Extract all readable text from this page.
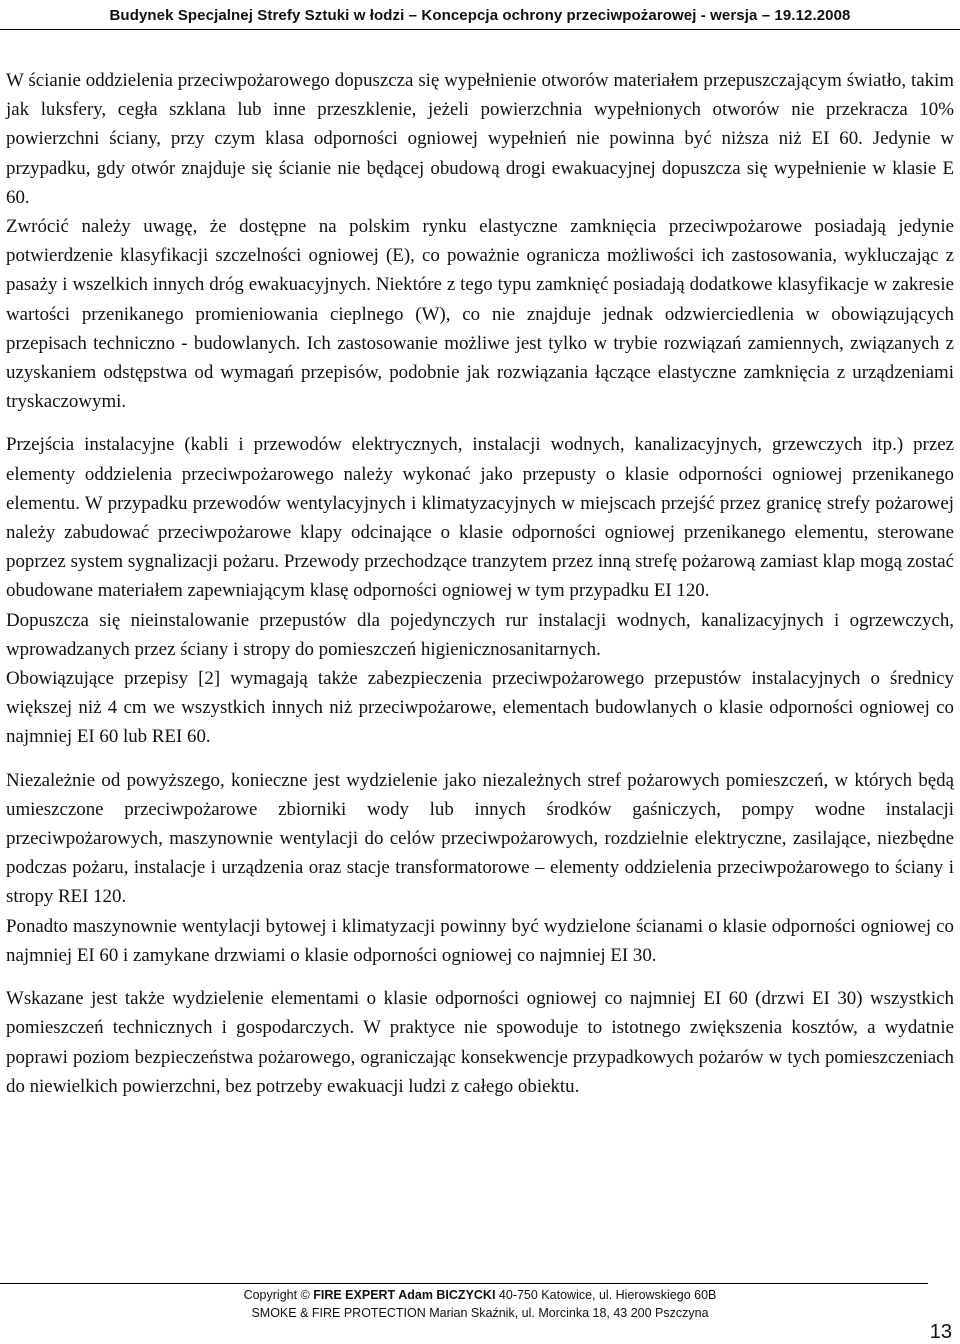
Budynek Specjalnej Strefy Sztuki w łodzi – Koncepcja ochrony przeciwpożarowej - wersja – 19.12.2008

W ścianie oddzielenia przeciwpożarowego dopuszcza się wypełnienie otworów materiałem przepuszczającym światło, takim jak luksfery, cegła szklana lub inne przeszklenie, jeżeli powierzchnia wypełnionych otworów nie przekracza 10% powierzchni ściany, przy czym klasa odporności ogniowej wypełnień nie powinna być niższa niż EI 60. Jedynie w przypadku, gdy otwór znajduje się ścianie nie będącej obudową drogi ewakuacyjnej dopuszcza się wypełnienie w klasie E 60.

Zwrócić należy uwagę, że dostępne na polskim rynku elastyczne zamknięcia przeciwpożarowe posiadają jedynie potwierdzenie klasyfikacji szczelności ogniowej (E), co poważnie ogranicza możliwości ich zastosowania, wykluczając z pasaży i wszelkich innych dróg ewakuacyjnych. Niektóre z tego typu zamknięć posiadają dodatkowe klasyfikacje w zakresie wartości przenikanego promieniowania cieplnego (W), co nie znajduje jednak odzwierciedlenia w obowiązujących przepisach techniczno - budowlanych. Ich zastosowanie możliwe jest tylko w trybie rozwiązań zamiennych, związanych z uzyskaniem odstępstwa od wymagań przepisów, podobnie jak rozwiązania łączące elastyczne zamknięcia z urządzeniami tryskaczowymi.

Przejścia instalacyjne (kabli i przewodów elektrycznych, instalacji wodnych, kanalizacyjnych, grzewczych itp.) przez elementy oddzielenia przeciwpożarowego należy wykonać jako przepusty o klasie odporności ogniowej przenikanego elementu. W przypadku przewodów wentylacyjnych i klimatyzacyjnych w miejscach przejść przez granicę strefy pożarowej należy zabudować przeciwpożarowe klapy odcinające o klasie odporności ogniowej przenikanego elementu, sterowane poprzez system sygnalizacji pożaru. Przewody przechodzące tranzytem przez inną strefę pożarową zamiast klap mogą zostać obudowane materiałem zapewniającym klasę odporności ogniowej w tym przypadku EI 120.

Dopuszcza się nieinstalowanie przepustów dla pojedynczych rur instalacji wodnych, kanalizacyjnych i ogrzewczych, wprowadzanych przez ściany i stropy do pomieszczeń higienicznosanitarnych.

Obowiązujące przepisy [2] wymagają także zabezpieczenia przeciwpożarowego przepustów instalacyjnych o średnicy większej niż 4 cm we wszystkich innych niż przeciwpożarowe, elementach budowlanych o klasie odporności ogniowej co najmniej EI 60 lub REI 60.

Niezależnie od powyższego, konieczne jest wydzielenie jako niezależnych stref pożarowych pomieszczeń, w których będą umieszczone przeciwpożarowe zbiorniki wody lub innych środków gaśniczych, pompy wodne instalacji przeciwpożarowych, maszynownie wentylacji do celów przeciwpożarowych, rozdzielnie elektryczne, zasilające, niezbędne podczas pożaru, instalacje i urządzenia oraz stacje transformatorowe – elementy oddzielenia przeciwpożarowego to ściany i stropy REI 120.

Ponadto maszynownie wentylacji bytowej i klimatyzacji powinny być wydzielone ścianami o klasie odporności ogniowej co najmniej EI 60 i zamykane drzwiami o klasie odporności ogniowej co najmniej EI 30.

Wskazane jest także wydzielenie elementami o klasie odporności ogniowej co najmniej EI 60 (drzwi EI 30) wszystkich pomieszczeń technicznych i gospodarczych. W praktyce nie spowoduje to istotnego zwiększenia kosztów, a wydatnie poprawi poziom bezpieczeństwa pożarowego, ograniczając konsekwencje przypadkowych pożarów w tych pomieszczeniach do niewielkich powierzchni, bez potrzeby ewakuacji ludzi z całego obiektu.

Copyright © FIRE EXPERT Adam BICZYCKI 40-750 Katowice, ul. Hierowskiego 60B
SMOKE & FIRE PROTECTION Marian Skaźnik, ul. Morcinka 18, 43 200 Pszczyna
13
